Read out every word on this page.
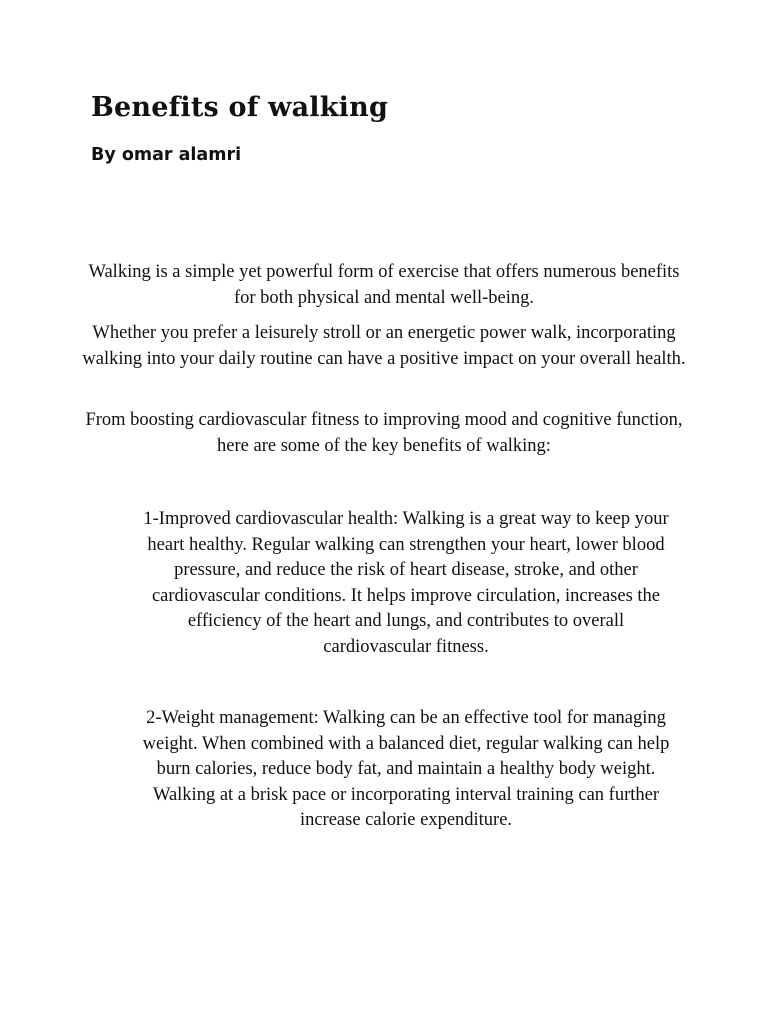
Benefits of walking

By omar alamri

Walking is a simple yet powerful form of exercise that offers numerous benefits for both physical and mental well-being.

Whether you prefer a leisurely stroll or an energetic power walk, incorporating walking into your daily routine can have a positive impact on your overall health.

From boosting cardiovascular fitness to improving mood and cognitive function, here are some of the key benefits of walking:

1-Improved cardiovascular health: Walking is a great way to keep your heart healthy. Regular walking can strengthen your heart, lower blood pressure, and reduce the risk of heart disease, stroke, and other cardiovascular conditions. It helps improve circulation, increases the efficiency of the heart and lungs, and contributes to overall cardiovascular fitness.

2-Weight management: Walking can be an effective tool for managing weight. When combined with a balanced diet, regular walking can help burn calories, reduce body fat, and maintain a healthy body weight. Walking at a brisk pace or incorporating interval training can further increase calorie expenditure.
